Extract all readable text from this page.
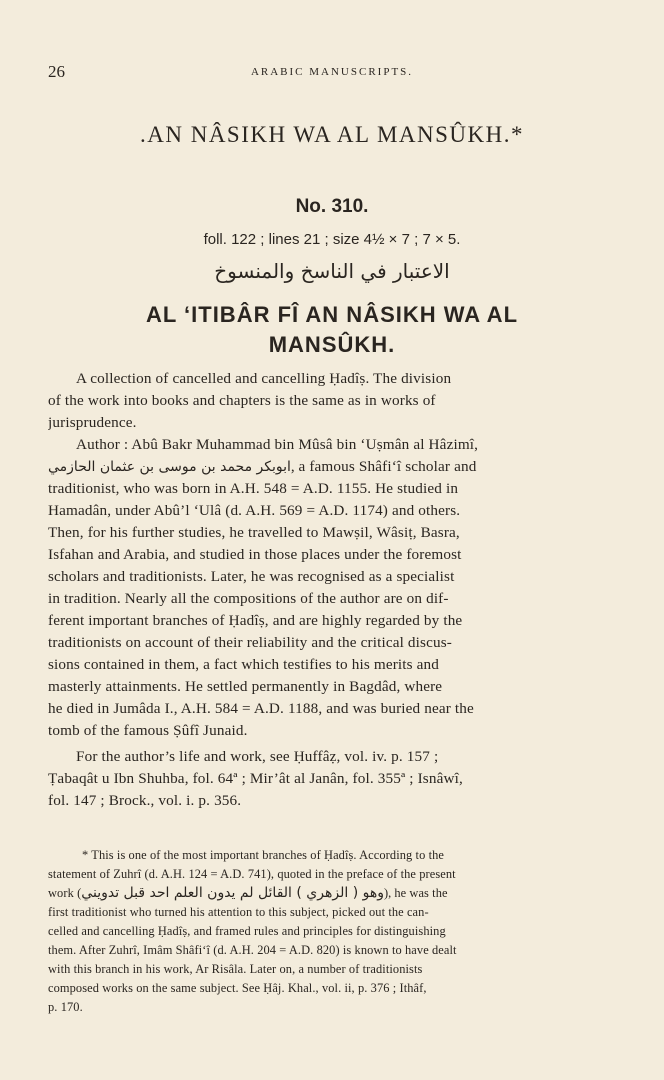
26	ARABIC MANUSCRIPTS.
.AN NÂSIKH WA AL MANSÛKH.*
No. 310.
foll. 122 ; lines 21 ; size 4½ × 7 ; 7 × 5.
الاعتبار في الناسخ والمنسوخ
AL ‘ITIBÂR FÎ AN NÂSIKH WA AL
MANSÛKH.
A collection of cancelled and cancelling Ḥadîṣ. The division
of the work into books and chapters is the same as in works of
jurisprudence.
Author : Abû Bakr Muhammad bin Mûsâ bin ‘Uṣmân al Hâzimî,
ابوبکر محمد بن موسی بن عثمان الحازمي, a famous Shâfi‘î scholar and
traditionist, who was born in A.H. 548 = A.D. 1155. He studied in
Hamadân, under Abû’l ‘Ulâ (d. A.H. 569 = A.D. 1174) and others.
Then, for his further studies, he travelled to Mawṣil, Wâsiṭ, Basra,
Isfahan and Arabia, and studied in those places under the foremost
scholars and traditionists. Later, he was recognised as a specialist
in tradition. Nearly all the compositions of the author are on dif-
ferent important branches of Ḥadîṣ, and are highly regarded by the
traditionists on account of their reliability and the critical discus-
sions contained in them, a fact which testifies to his merits and
masterly attainments. He settled permanently in Bagdâd, where
he died in Jumâda I., A.H. 584 = A.D. 1188, and was buried near the
tomb of the famous Ṣûfî Junaid.
For the author’s life and work, see Ḥuffâẓ, vol. iv. p. 157 ;
Ṭabaqât u Ibn Shuhba, fol. 64ª ; Mir’ât al Janân, fol. 355ª ; Isnâwî,
fol. 147 ; Brock., vol. i. p. 356.
* This is one of the most important branches of Ḥadîṣ. According to the
statement of Zuhrî (d. A.H. 124 = A.D. 741), quoted in the preface of the present
work (وهو ( الزهري ) القائل لم يدون العلم احد قبل تدويني), he was the
first traditionist who turned his attention to this subject, picked out the can-
celled and cancelling Ḥadîṣ, and framed rules and principles for distinguishing
them. After Zuhrî, Imâm Shâfi‘î (d. A.H. 204 = A.D. 820) is known to have dealt
with this branch in his work, Ar Risâla. Later on, a number of traditionists
composed works on the same subject. See Ḥâj. Khal., vol. ii, p. 376 ; Ithâf,
p. 170.
